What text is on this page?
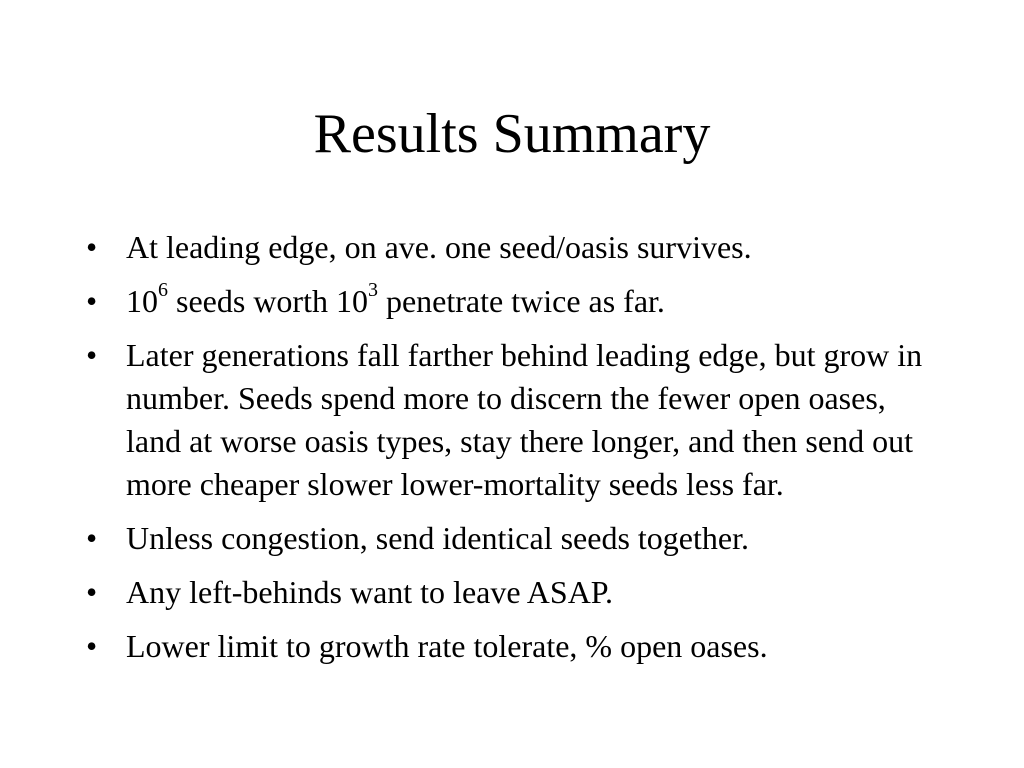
Results Summary
• At leading edge, on ave. one seed/oasis survives.
• $10^6$ seeds worth $10^3$ penetrate twice as far.
• Later generations fall farther behind leading edge, but grow in number. Seeds spend more to discern the fewer open oases, land at worse oasis types, stay there longer, and then send out more cheaper slower lower-mortality seeds less far.
• Unless congestion, send identical seeds together.
• Any left-behinds want to leave ASAP.
• Lower limit to growth rate tolerate, % open oases.
